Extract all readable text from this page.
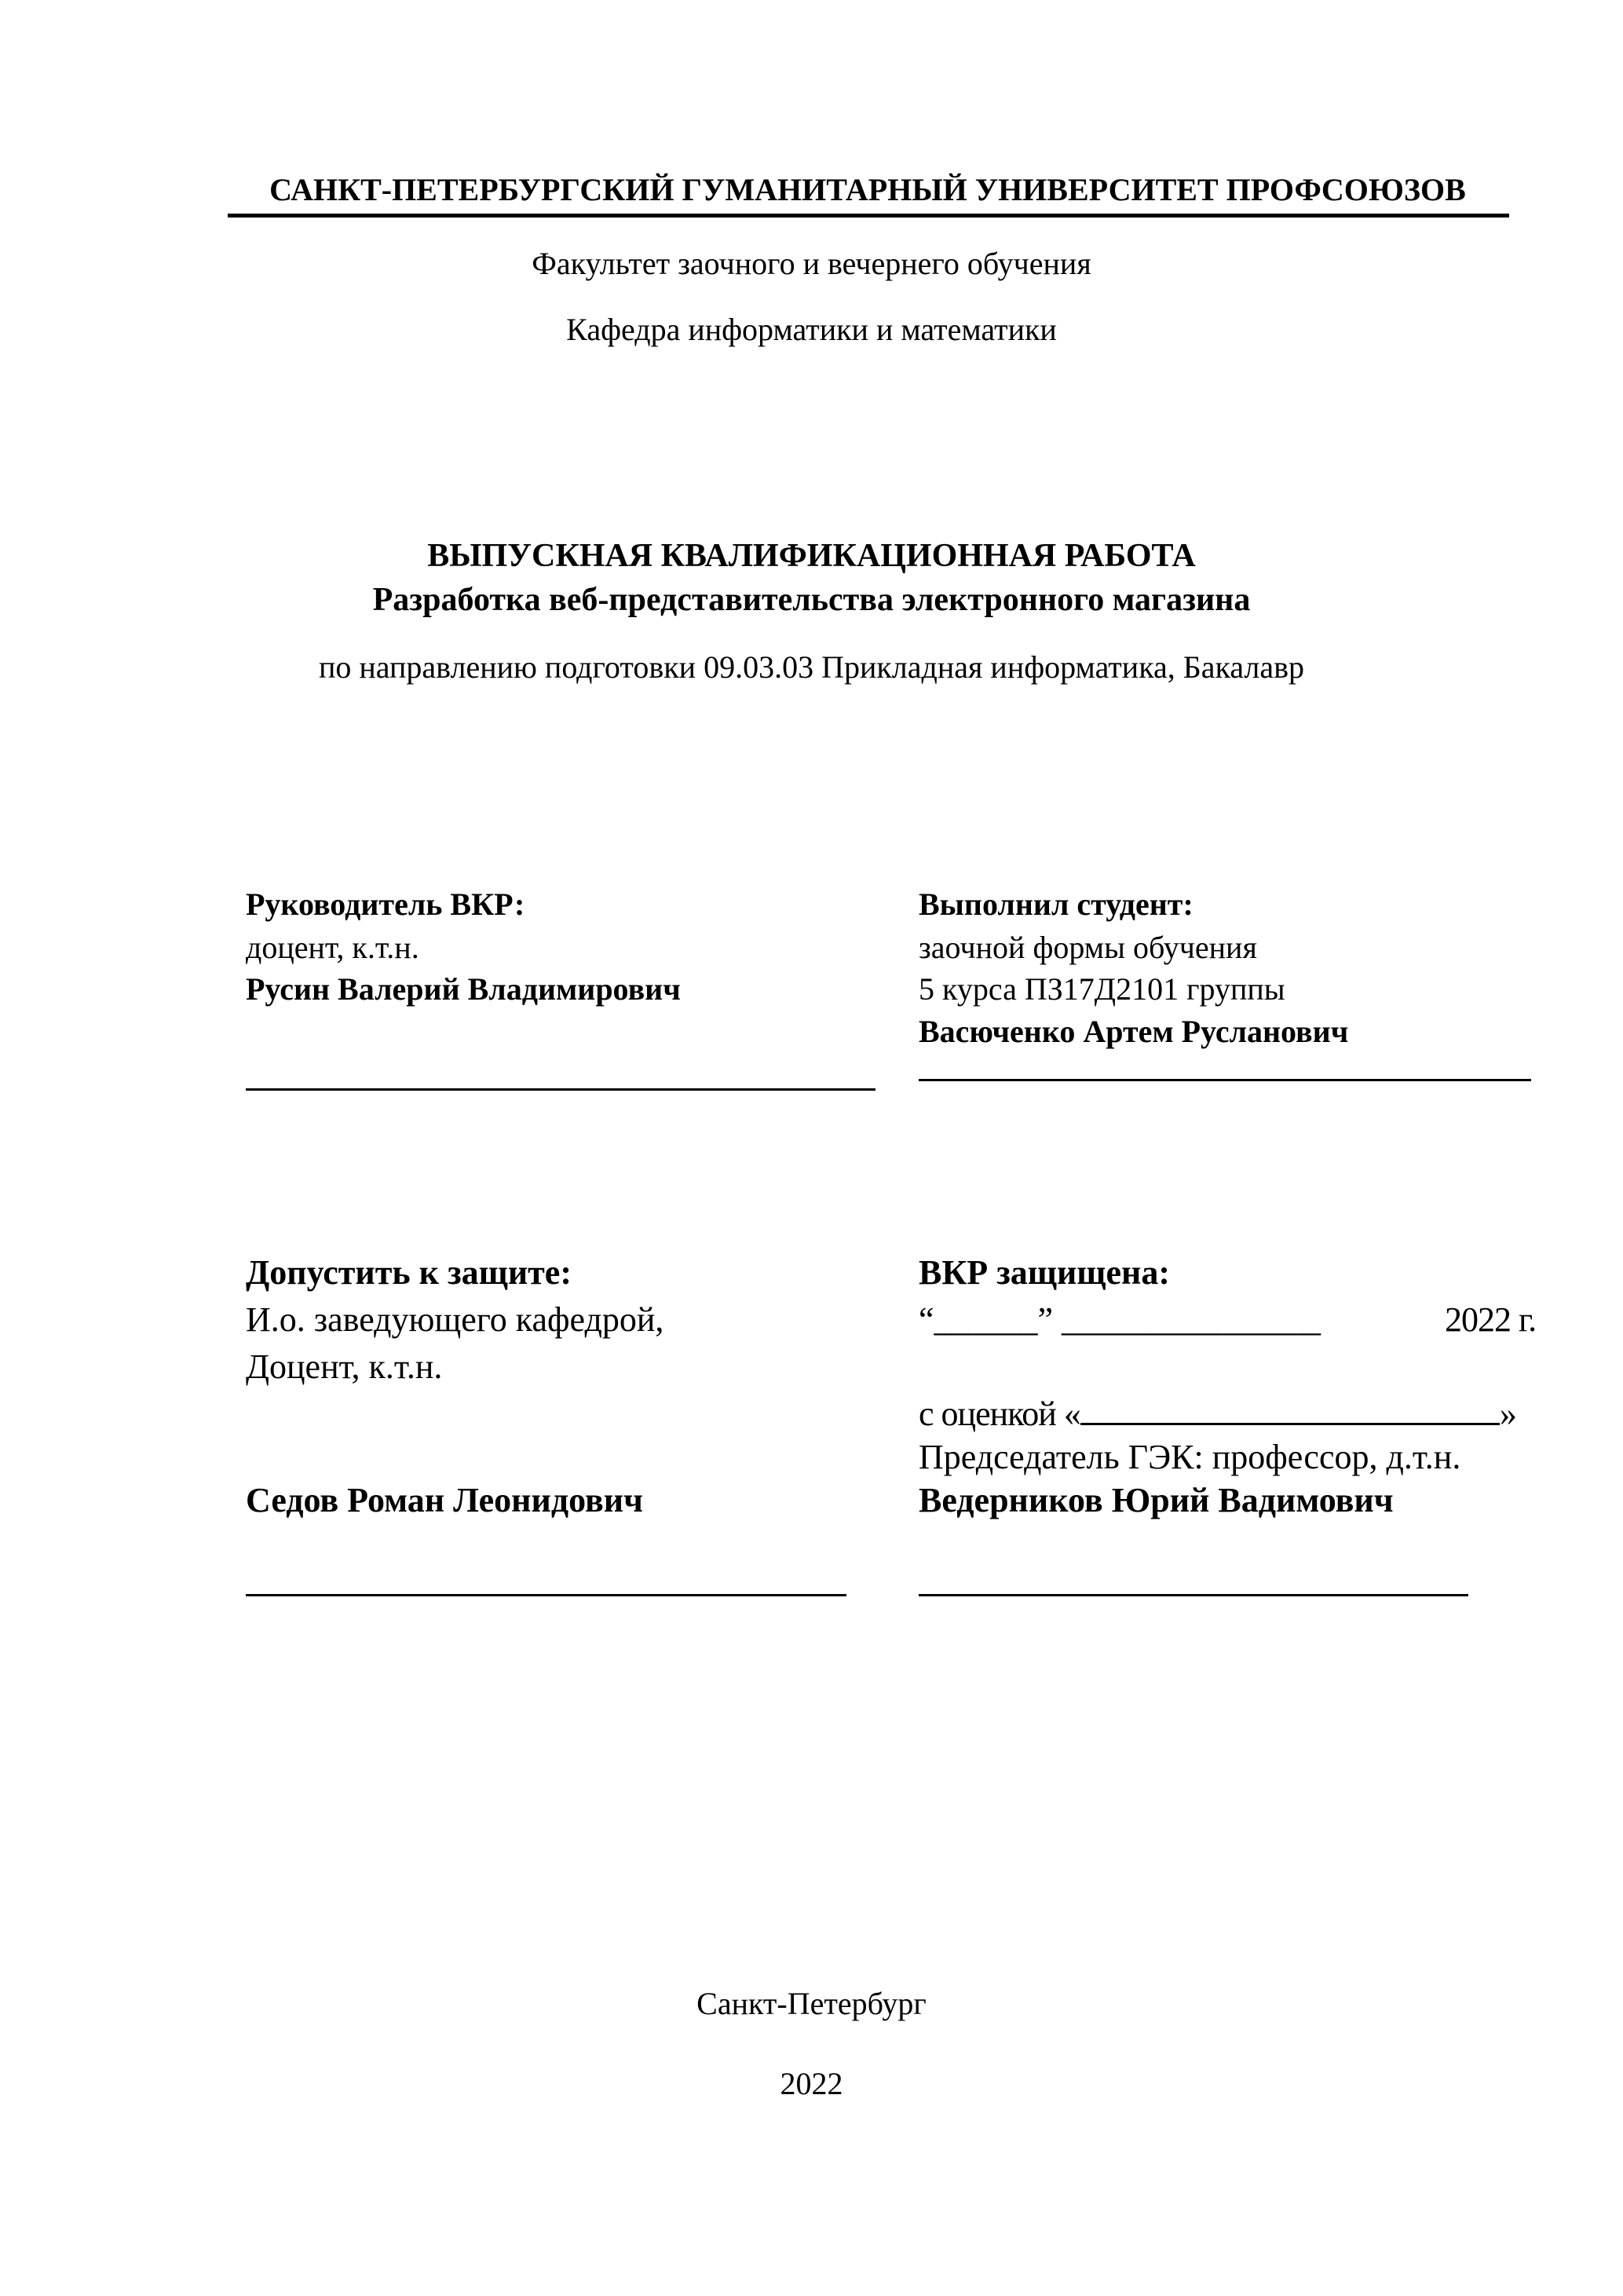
САНКТ-ПЕТЕРБУРГСКИЙ ГУМАНИТАРНЫЙ УНИВЕРСИТЕТ ПРОФСОЮЗОВ
Факультет заочного и вечернего обучения
Кафедра информатики и математики
ВЫПУСКНАЯ КВАЛИФИКАЦИОННАЯ РАБОТА
Разработка веб-представительства электронного магазина
по направлению подготовки 09.03.03 Прикладная информатика, Бакалавр
Руководитель ВКР:
доцент, к.т.н.
Русин Валерий Владимирович
Выполнил студент:
заочной формы обучения
5 курса ПЗ17Д2101 группы
Васюченко Артем Русланович
Допустить к защите:
И.о. заведующего кафедрой,
Доцент, к.т.н.
Седов Роман Леонидович
ВКР защищена:
“______” _______________	2022 г.
с оценкой «	»
Председатель ГЭК: профессор, д.т.н.
Ведерников Юрий Вадимович
Санкт-Петербург
2022
